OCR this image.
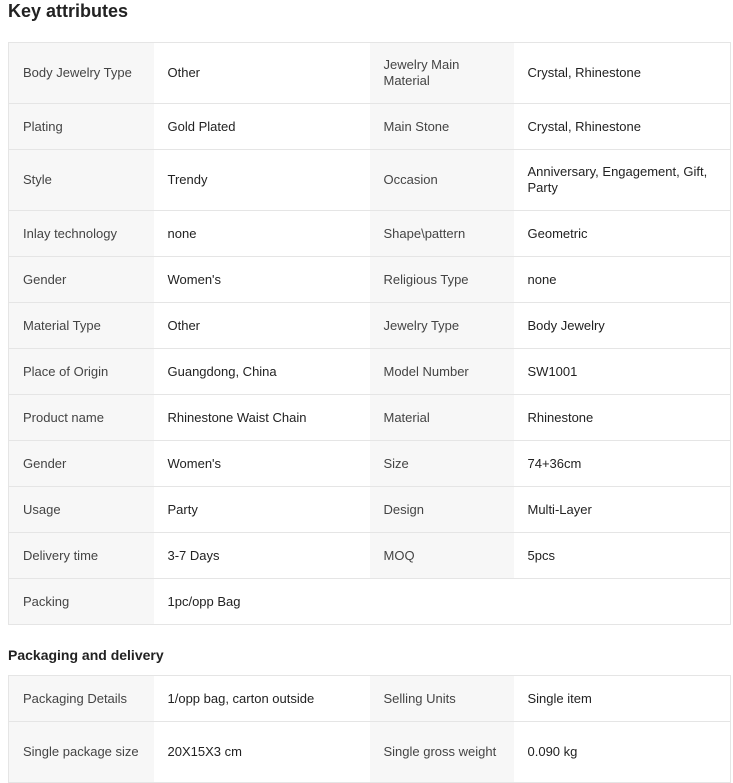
Key attributes
Body Jewelry Type	Other	Jewelry Main Material	Crystal, Rhinestone
Plating	Gold Plated	Main Stone	Crystal, Rhinestone
Style	Trendy	Occasion	Anniversary, Engagement, Gift, Party
Inlay technology	none	Shape\pattern	Geometric
Gender	Women's	Religious Type	none
Material Type	Other	Jewelry Type	Body Jewelry
Place of Origin	Guangdong, China	Model Number	SW1001
Product name	Rhinestone Waist Chain	Material	Rhinestone
Gender	Women's	Size	74+36cm
Usage	Party	Design	Multi-Layer
Delivery time	3-7 Days	MOQ	5pcs
Packing	1pc/opp Bag		
Packaging and delivery
Packaging Details	1/opp bag, carton outside	Selling Units	Single item
Single package size	20X15X3 cm	Single gross weight	0.090 kg
